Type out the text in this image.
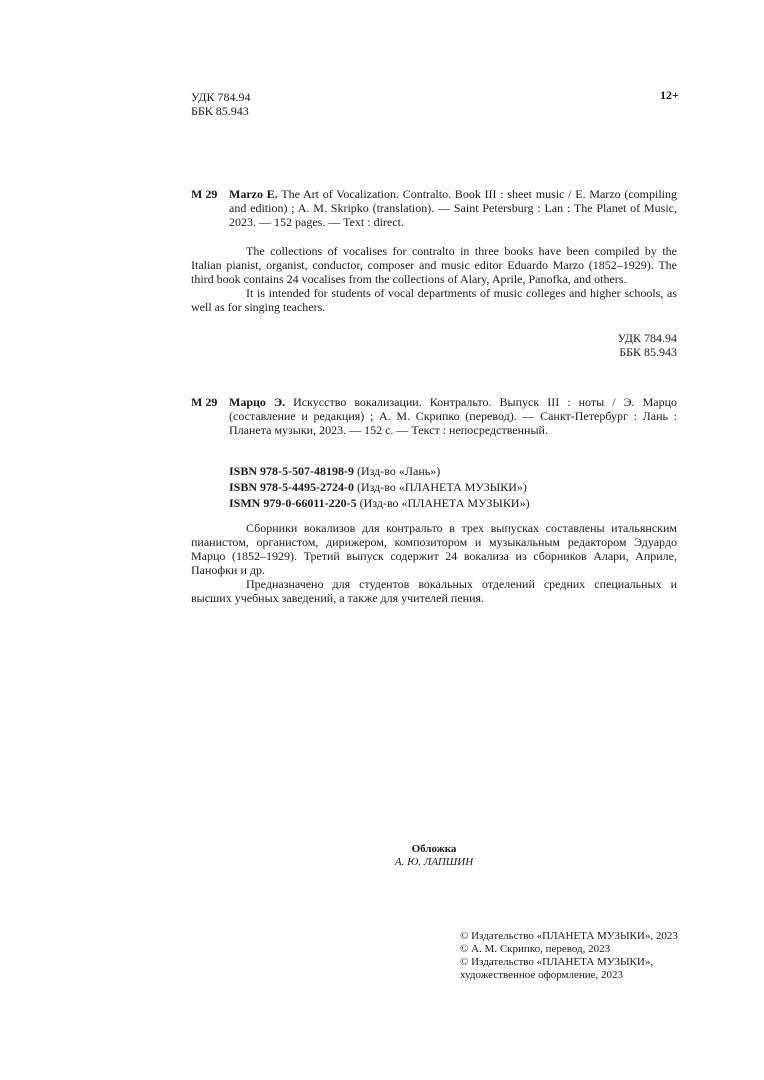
УДК 784.94
ББК 85.943
12+
M 29 Marzo E. The Art of Vocalization. Contralto. Book III : sheet music / E. Marzo (compiling and edition) ; A. M. Skripko (translation). — Saint Petersburg : Lan : The Planet of Music, 2023. — 152 pages. — Text : direct.

The collections of vocalises for contralto in three books have been compiled by the Italian pianist, organist, conductor, composer and music editor Eduardo Marzo (1852–1929). The third book contains 24 vocalises from the collections of Alary, Aprile, Panofka, and others.

It is intended for students of vocal departments of music colleges and higher schools, as well as for singing teachers.

УДК 784.94
ББК 85.943
M 29 Марцо Э. Искусство вокализации. Контральто. Выпуск III : ноты / Э. Марцо (составление и редакция) ; А. М. Скрипко (перевод). — Санкт-Петербург : Лань : Планета музыки, 2023. — 152 с. — Текст : непосредственный.
ISBN 978-5-507-48198-9 (Изд-во «Лань»)
ISBN 978-5-4495-2724-0 (Изд-во «ПЛАНЕТА МУЗЫКИ»)
ISMN 979-0-66011-220-5 (Изд-во «ПЛАНЕТА МУЗЫКИ»)

Сборники вокализов для контральто в трех выпусках составлены итальянским пианистом, органистом, дирижером, композитором и музыкальным редактором Эдуардо Марцо (1852–1929). Третий выпуск содержит 24 вокализа из сборников Алари, Априле, Панофки и др.

Предназначено для студентов вокальных отделений средних специальных и высших учебных заведений, а также для учителей пения.

Обложка
А. Ю. ЛАПШИН
© Издательство «ПЛАНЕТА МУЗЫКИ», 2023
© А. М. Скрипко, перевод, 2023
© Издательство «ПЛАНЕТА МУЗЫКИ»,
художественное оформление, 2023
